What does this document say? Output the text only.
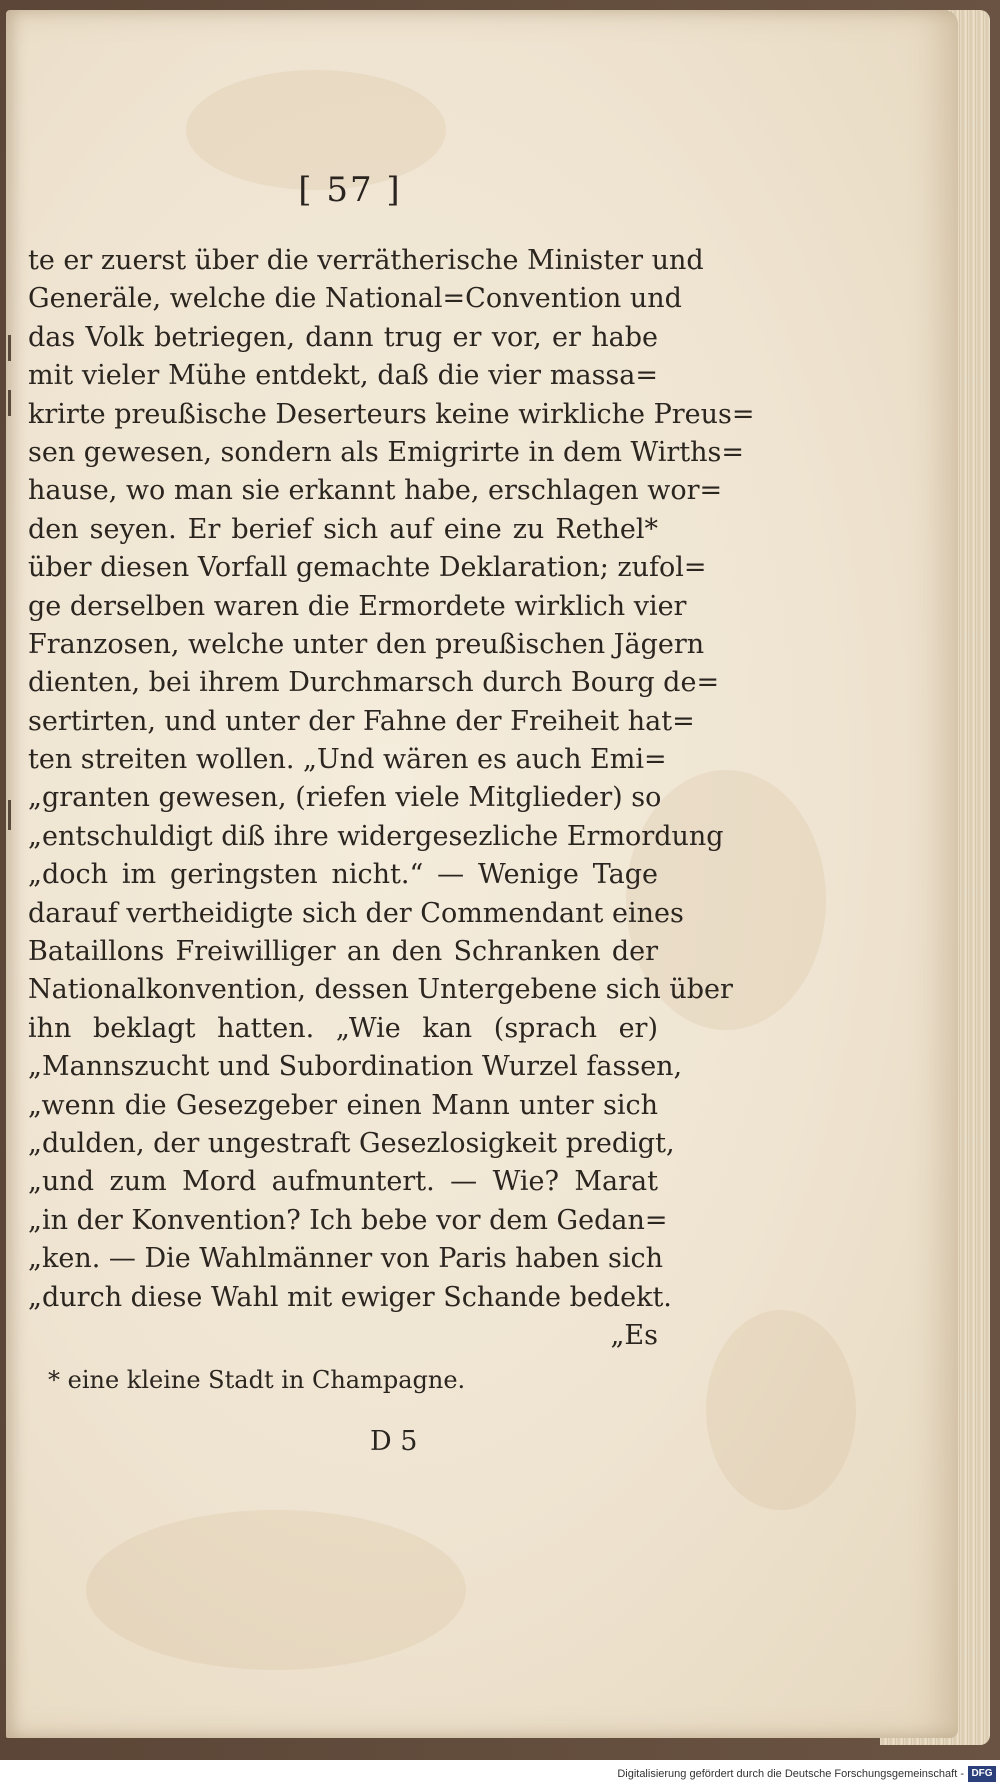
[ 57 ]
te er zuerst über die verrätherische Minister und
Generäle, welche die National=Convention und
das Volk betriegen, dann trug er vor, er habe
mit vieler Mühe entdekt, daß die vier massa=
krirte preußische Deserteurs keine wirkliche Preus=
sen gewesen, sondern als Emigrirte in dem Wirths=
hause, wo man sie erkannt habe, erschlagen wor=
den seyen. Er berief sich auf eine zu Rethel*
über diesen Vorfall gemachte Deklaration; zufol=
ge derselben waren die Ermordete wirklich vier
Franzosen, welche unter den preußischen Jägern
dienten, bei ihrem Durchmarsch durch Bourg de=
sertirten, und unter der Fahne der Freiheit hat=
ten streiten wollen. „Und wären es auch Emi=
„granten gewesen, (riefen viele Mitglieder) so
„entschuldigt diß ihre widergesezliche Ermordung
„doch im geringsten nicht.“ — Wenige Tage
darauf vertheidigte sich der Commendant eines
Bataillons Freiwilliger an den Schranken der
Nationalkonvention, dessen Untergebene sich über
ihn beklagt hatten. „Wie kan (sprach er)
„Mannszucht und Subordination Wurzel fassen,
„wenn die Gesezgeber einen Mann unter sich
„dulden, der ungestraft Gesezlosigkeit predigt,
„und zum Mord aufmuntert. — Wie? Marat
„in der Konvention? Ich bebe vor dem Gedan=
„ken. — Die Wahlmänner von Paris haben sich
„durch diese Wahl mit ewiger Schande bedekt.
„Es
* eine kleine Stadt in Champagne.
D 5
Digitalisierung gefördert durch die Deutsche Forschungsgemeinschaft - DFG
